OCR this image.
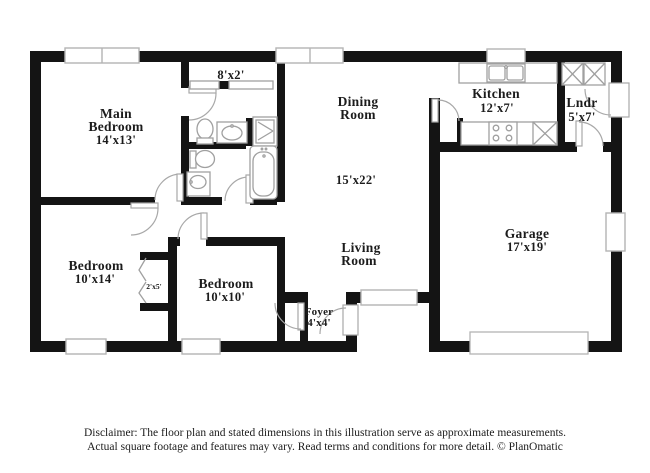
Main
Bedroom
14'x13'
8'x2'
Dining
Room
Kitchen
12'x7'	Lndr
5'x7'
15'x22'
Living
Room
Garage
17'x19'
Bedroom
10'x14'	Bedroom
10'x10'
2'x5'
Foyer
4'x4'
Disclaimer: The floor plan and stated dimensions in this illustration serve as approximate measurements.
Actual square footage and features may vary. Read terms and conditions for more detail. © PlanOmatic
